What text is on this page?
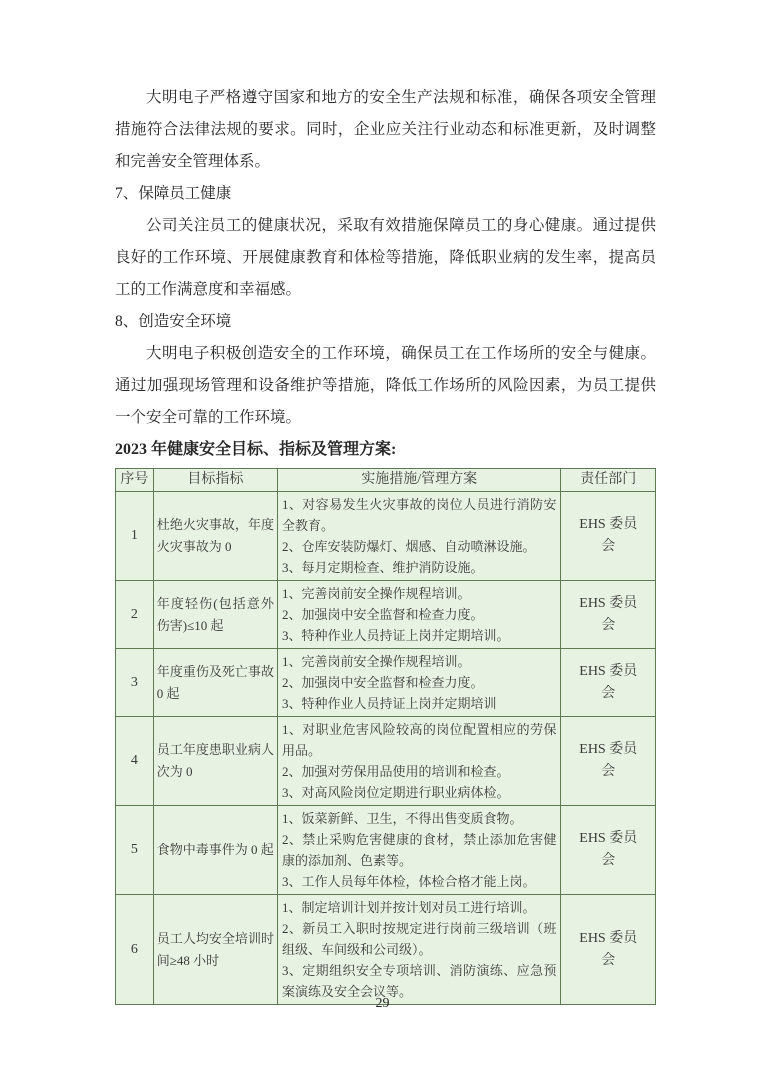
大明电子严格遵守国家和地方的安全生产法规和标准，确保各项安全管理措施符合法律法规的要求。同时，企业应关注行业动态和标准更新，及时调整和完善安全管理体系。

7、保障员工健康

公司关注员工的健康状况，采取有效措施保障员工的身心健康。通过提供良好的工作环境、开展健康教育和体检等措施，降低职业病的发生率，提高员工的工作满意度和幸福感。

8、创造安全环境

大明电子积极创造安全的工作环境，确保员工在工作场所的安全与健康。通过加强现场管理和设备维护等措施，降低工作场所的风险因素，为员工提供一个安全可靠的工作环境。

2023 年健康安全目标、指标及管理方案:

序号	目标指标	实施措施/管理方案	责任部门
1	杜绝火灾事故，年度火灾事故为 0	1、对容易发生火灾事故的岗位人员进行消防安全教育。
2、仓库安装防爆灯、烟感、自动喷淋设施。
3、每月定期检查、维护消防设施。	EHS 委员会
2	年度轻伤(包括意外伤害)≤10 起	1、完善岗前安全操作规程培训。
2、加强岗中安全监督和检查力度。
3、特种作业人员持证上岗并定期培训。	EHS 委员会
3	年度重伤及死亡事故 0 起	1、完善岗前安全操作规程培训。
2、加强岗中安全监督和检查力度。
3、特种作业人员持证上岗并定期培训	EHS 委员会
4	员工年度患职业病人次为 0	1、对职业危害风险较高的岗位配置相应的劳保用品。
2、加强对劳保用品使用的培训和检查。
3、对高风险岗位定期进行职业病体检。	EHS 委员会
5	食物中毒事件为 0 起	1、饭菜新鲜、卫生，不得出售变质食物。
2、禁止采购危害健康的食材，禁止添加危害健康的添加剂、色素等。
3、工作人员每年体检，体检合格才能上岗。	EHS 委员会
6	员工人均安全培训时间≥48 小时	1、制定培训计划并按计划对员工进行培训。
2、新员工入职时按规定进行岗前三级培训（班组级、车间级和公司级）。
3、定期组织安全专项培训、消防演练、应急预案演练及安全会议等。	EHS 委员会
29
